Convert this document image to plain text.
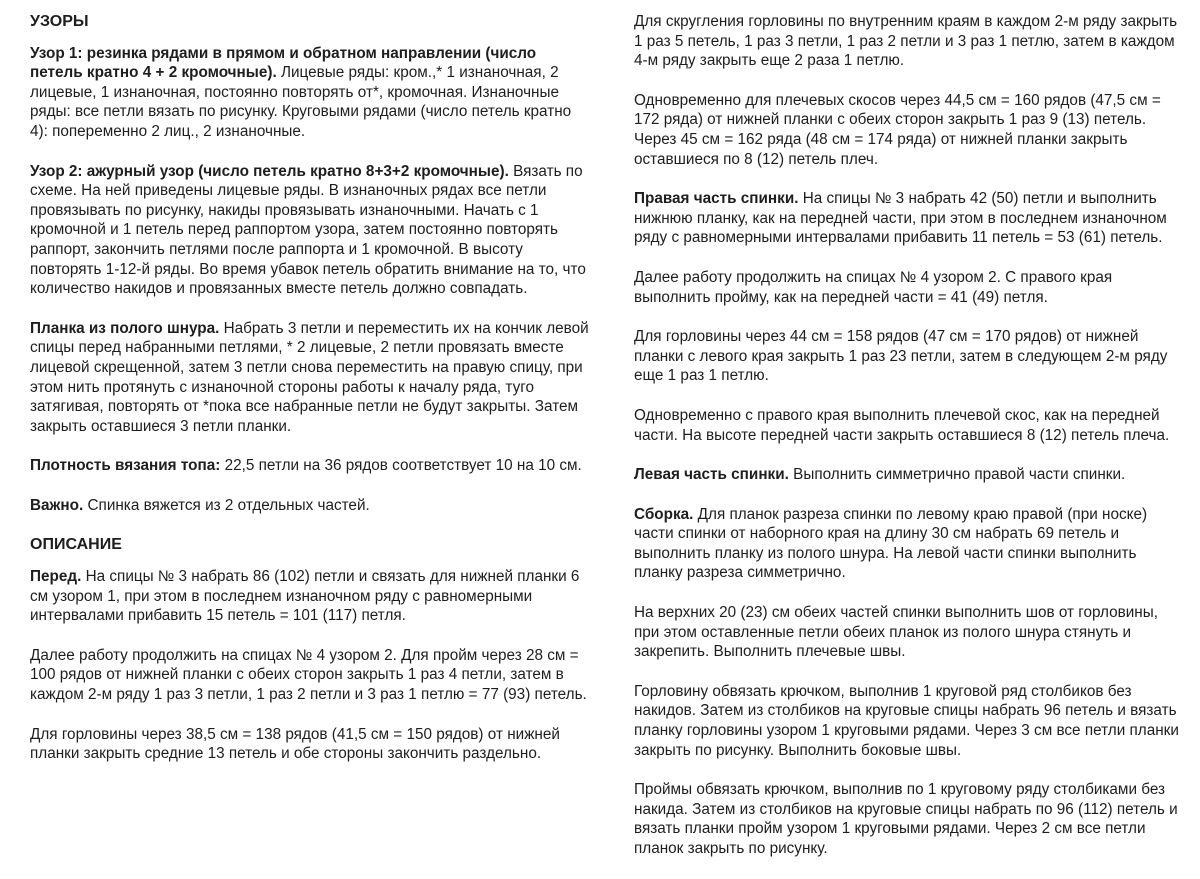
УЗОРЫ

Узор 1: резинка рядами в прямом и обратном направлении (число петель кратно 4 + 2 кромочные). Лицевые ряды: кром.,* 1 изнаночная, 2 лицевые, 1 изнаночная, постоянно повторять от*, кромочная. Изнаночные ряды: все петли вязать по рисунку. Круговыми рядами (число петель кратно 4): попеременно 2 лиц., 2 изнаночные.

Узор 2: ажурный узор (число петель кратно 8+3+2 кромочные). Вязать по схеме. На ней приведены лицевые ряды. В изнаночных рядах все петли провязывать по рисунку, накиды провязывать изнаночными. Начать с 1 кромочной и 1 петель перед раппортом узора, затем постоянно повторять раппорт, закончить петлями после раппорта и 1 кромочной. В высоту повторять 1-12-й ряды. Во время убавок петель обратить внимание на то, что количество накидов и провязанных вместе петель должно совпадать.

Планка из полого шнура. Набрать 3 петли и переместить их на кончик левой спицы перед набранными петлями, * 2 лицевые, 2 петли провязать вместе лицевой скрещенной, затем 3 петли снова переместить на правую спицу, при этом нить протянуть с изнаночной стороны работы к началу ряда, туго затягивая, повторять от *пока все набранные петли не будут закрыты. Затем закрыть оставшиеся 3 петли планки.

Плотность вязания топа: 22,5 петли на 36 рядов соответствует 10 на 10 см.

Важно. Спинка вяжется из 2 отдельных частей.

ОПИСАНИЕ

Перед. На спицы № 3 набрать 86 (102) петли и связать для нижней планки 6 см узором 1, при этом в последнем изнаночном ряду с равномерными интервалами прибавить 15 петель = 101 (117) петля.

Далее работу продолжить на спицах № 4 узором 2. Для пройм через 28 см = 100 рядов от нижней планки с обеих сторон закрыть 1 раз 4 петли, затем в каждом 2-м ряду 1 раз 3 петли, 1 раз 2 петли и 3 раз 1 петлю = 77 (93) петель.

Для горловины через 38,5 см = 138 рядов (41,5 см = 150 рядов) от нижней планки закрыть средние 13 петель и обе стороны закончить раздельно.

Для скругления горловины по внутренним краям в каждом 2-м ряду закрыть 1 раз 5 петель, 1 раз 3 петли, 1 раз 2 петли и 3 раз 1 петлю, затем в каждом 4-м ряду закрыть еще 2 раза 1 петлю.

Одновременно для плечевых скосов через 44,5 см = 160 рядов (47,5 см = 172 ряда) от нижней планки с обеих сторон закрыть 1 раз 9 (13) петель. Через 45 см = 162 ряда (48 см = 174 ряда) от нижней планки закрыть оставшиеся по 8 (12) петель плеч.

Правая часть спинки. На спицы № 3 набрать 42 (50) петли и выполнить нижнюю планку, как на передней части, при этом в последнем изнаночном ряду с равномерными интервалами прибавить 11 петель = 53 (61) петель.

Далее работу продолжить на спицах № 4 узором 2. С правого края выполнить пройму, как на передней части = 41 (49) петля.

Для горловины через 44 см = 158 рядов (47 см = 170 рядов) от нижней планки с левого края закрыть 1 раз 23 петли, затем в следующем 2-м ряду еще 1 раз 1 петлю.

Одновременно с правого края выполнить плечевой скос, как на передней части. На высоте передней части закрыть оставшиеся 8 (12) петель плеча.

Левая часть спинки. Выполнить симметрично правой части спинки.

Сборка. Для планок разреза спинки по левому краю правой (при носке) части спинки от наборного края на длину 30 см набрать 69 петель и выполнить планку из полого шнура. На левой части спинки выполнить планку разреза симметрично.

На верхних 20 (23) см обеих частей спинки выполнить шов от горловины, при этом оставленные петли обеих планок из полого шнура стянуть и закрепить. Выполнить плечевые швы.

Горловину обвязать крючком, выполнив 1 круговой ряд столбиков без накидов. Затем из столбиков на круговые спицы набрать 96 петель и вязать планку горловины узором 1 круговыми рядами. Через 3 см все петли планки закрыть по рисунку. Выполнить боковые швы.

Проймы обвязать крючком, выполнив по 1 круговому ряду столбиками без накида. Затем из столбиков на круговые спицы набрать по 96 (112) петель и вязать планки пройм узором 1 круговыми рядами. Через 2 см все петли планок закрыть по рисунку.
